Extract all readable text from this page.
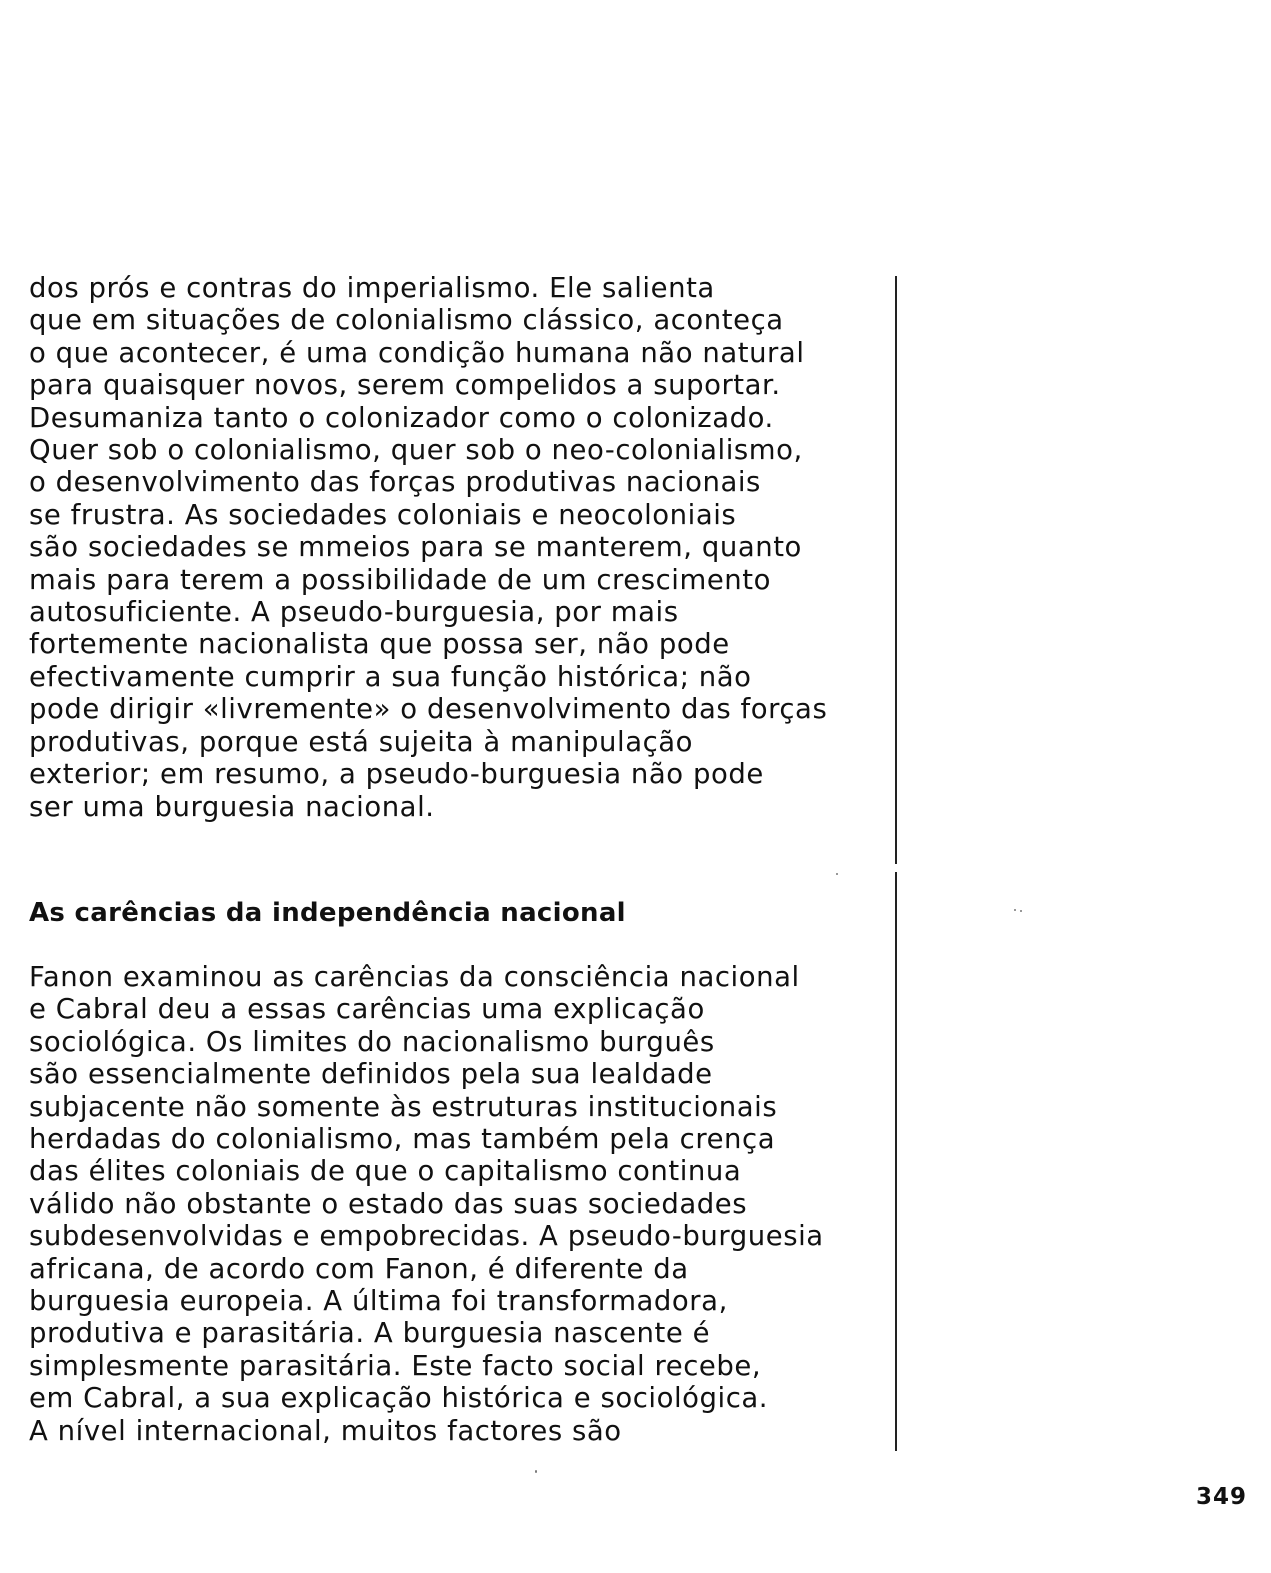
dos prós e contras do imperialismo. Ele salienta
que em situações de colonialismo clássico, aconteça
o que acontecer, é uma condição humana não natural
para quaisquer novos, serem compelidos a suportar.
Desumaniza tanto o colonizador como o colonizado.
Quer sob o colonialismo, quer sob o neo-colonialismo,
o desenvolvimento das forças produtivas nacionais
se frustra. As sociedades coloniais e neocoloniais
são sociedades se mmeios para se manterem, quanto
mais para terem a possibilidade de um crescimento
autosuficiente. A pseudo-burguesia, por mais
fortemente nacionalista que possa ser, não pode
efectivamente cumprir a sua função histórica; não
pode dirigir «livremente» o desenvolvimento das forças
produtivas, porque está sujeita à manipulação
exterior; em resumo, a pseudo-burguesia não pode
ser uma burguesia nacional.
As carências da independência nacional
Fanon examinou as carências da consciência nacional
e Cabral deu a essas carências uma explicação
sociológica. Os limites do nacionalismo burguês
são essencialmente definidos pela sua lealdade
subjacente não somente às estruturas institucionais
herdadas do colonialismo, mas também pela crença
das élites coloniais de que o capitalismo continua
válido não obstante o estado das suas sociedades
subdesenvolvidas e empobrecidas. A pseudo-burguesia
africana, de acordo com Fanon, é diferente da
burguesia europeia. A última foi transformadora,
produtiva e parasitária. A burguesia nascente é
simplesmente parasitária. Este facto social recebe,
em Cabral, a sua explicação histórica e sociológica.
A nível internacional, muitos factores são
349
